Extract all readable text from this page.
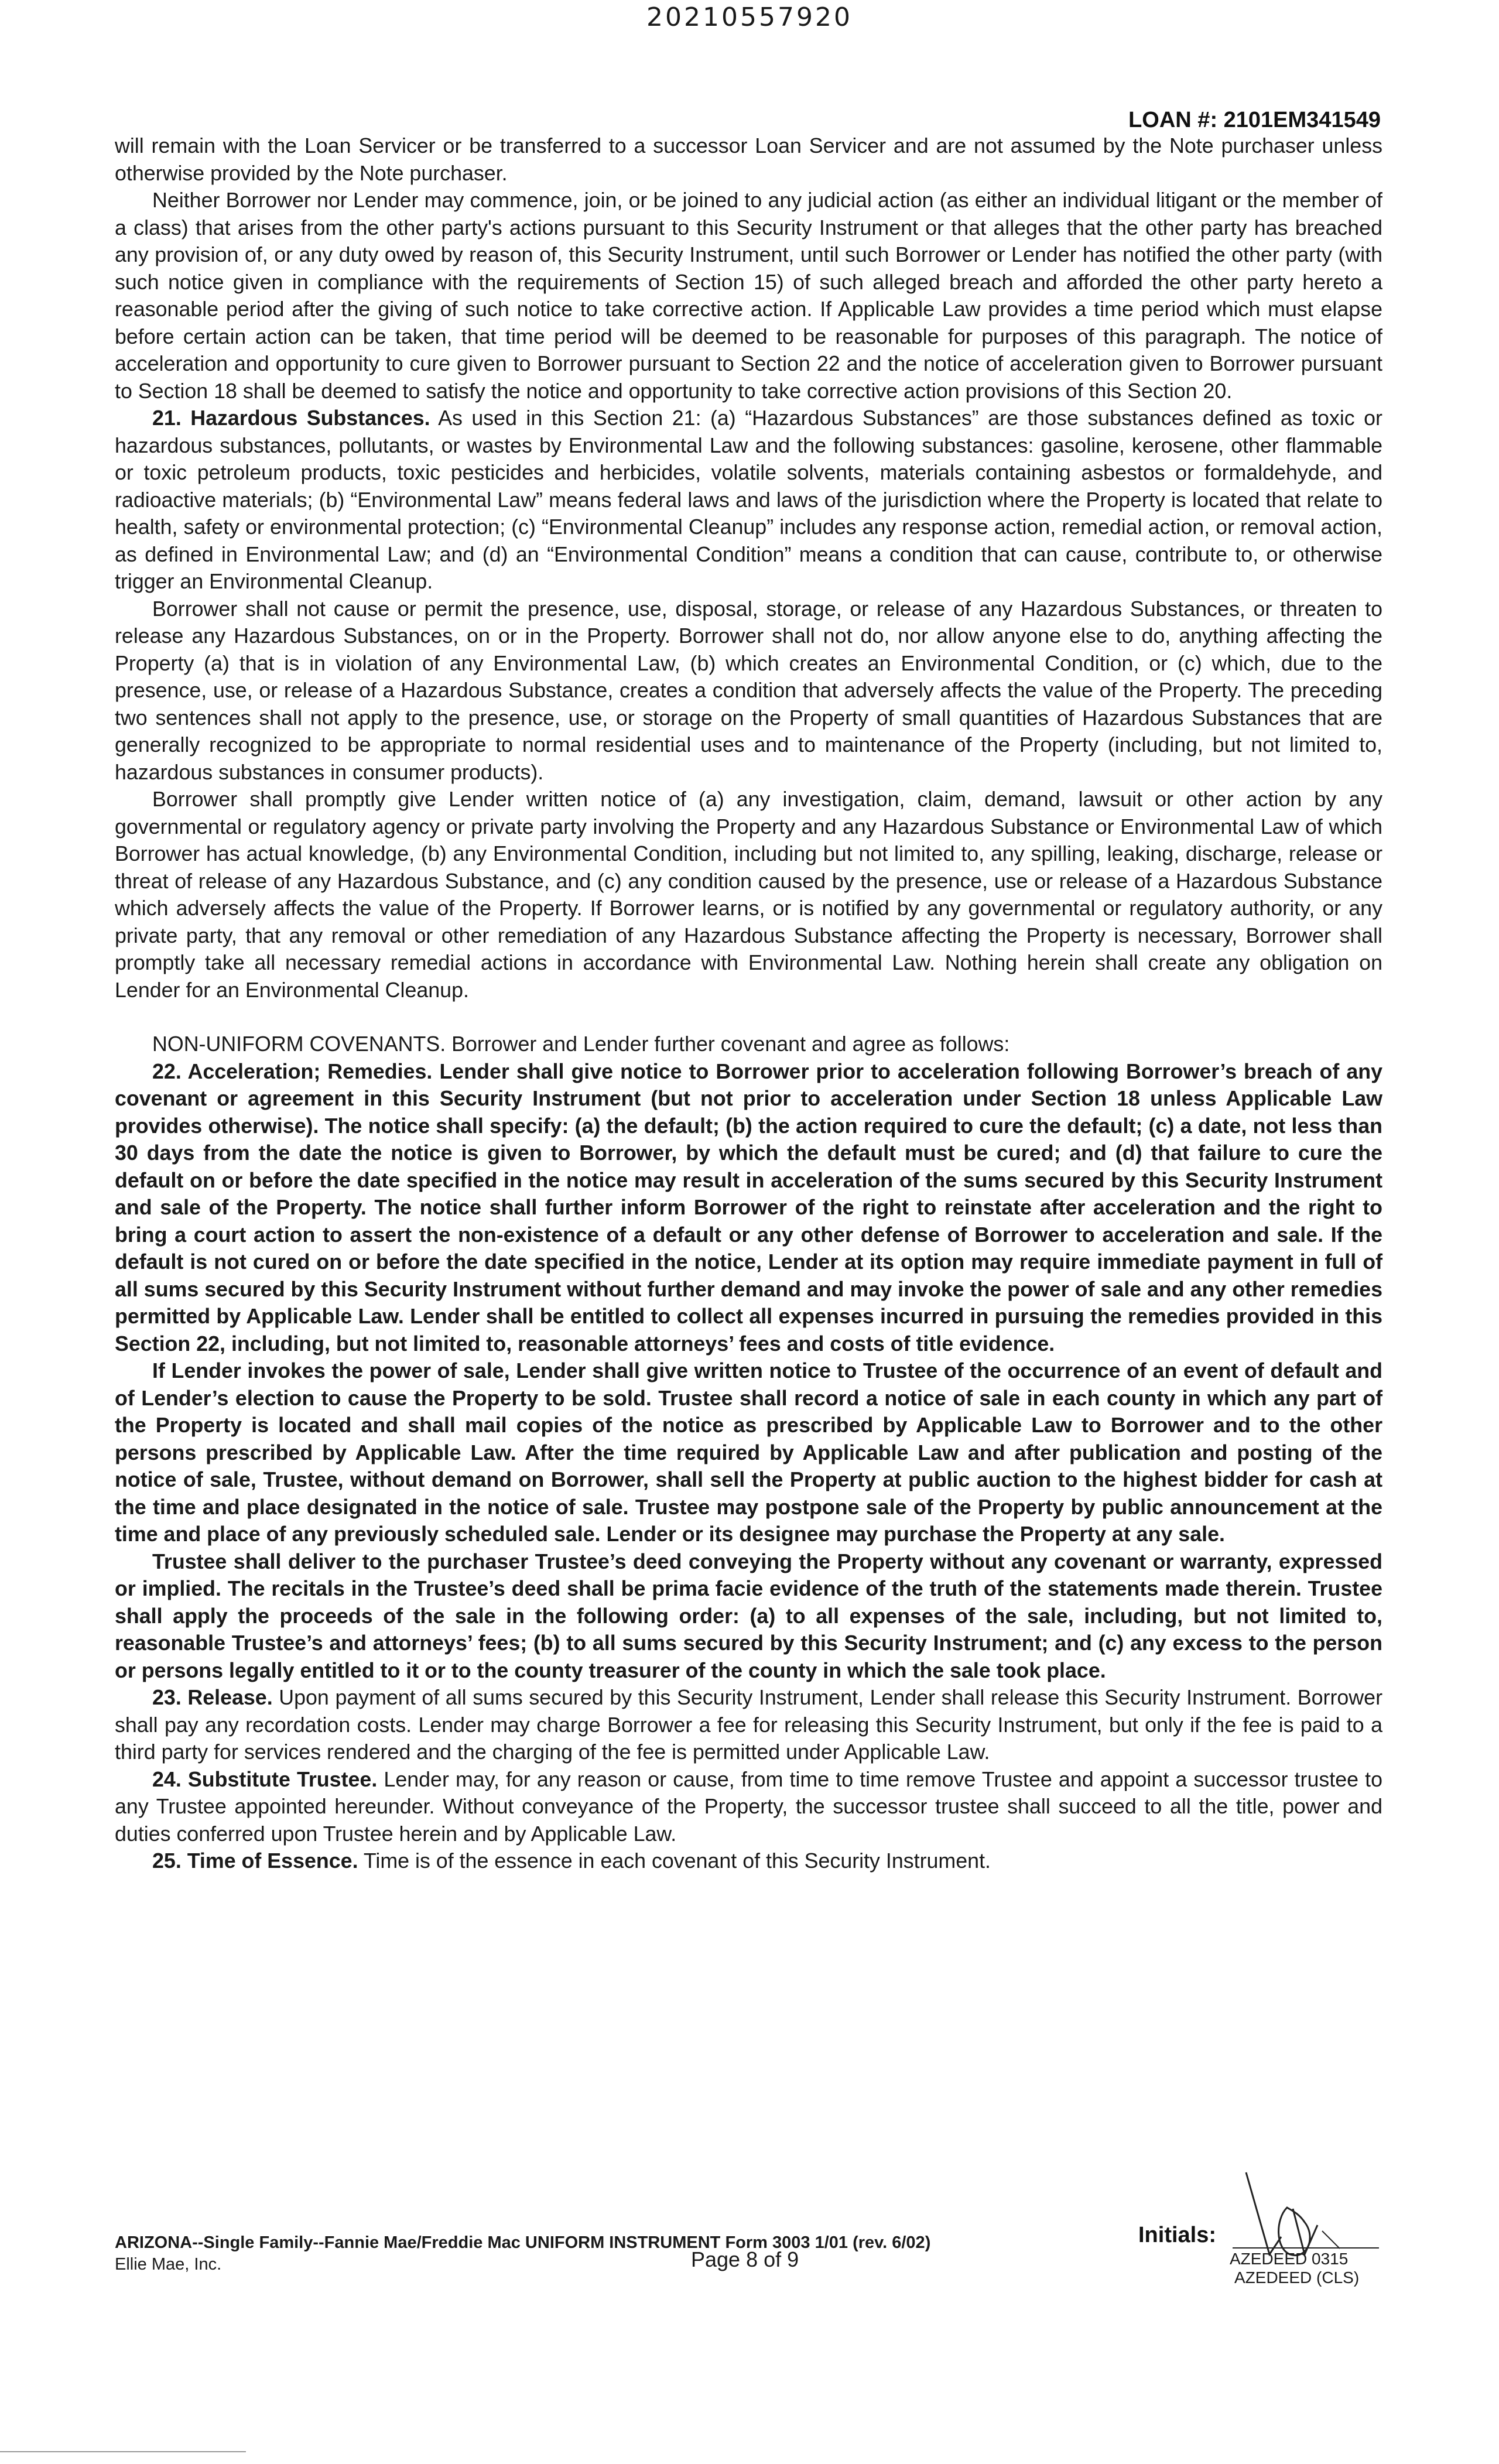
20210557920
LOAN #: 2101EM341549

will remain with the Loan Servicer or be transferred to a successor Loan Servicer and are not assumed by the Note purchaser unless otherwise provided by the Note purchaser.

Neither Borrower nor Lender may commence, join, or be joined to any judicial action (as either an individual litigant or the member of a class) that arises from the other party's actions pursuant to this Security Instrument or that alleges that the other party has breached any provision of, or any duty owed by reason of, this Security Instrument, until such Borrower or Lender has notified the other party (with such notice given in compliance with the requirements of Section 15) of such alleged breach and afforded the other party hereto a reasonable period after the giving of such notice to take corrective action. If Applicable Law provides a time period which must elapse before certain action can be taken, that time period will be deemed to be reasonable for purposes of this paragraph. The notice of acceleration and opportunity to cure given to Borrower pursuant to Section 22 and the notice of acceleration given to Borrower pursuant to Section 18 shall be deemed to satisfy the notice and opportunity to take corrective action provisions of this Section 20.

21. Hazardous Substances. As used in this Section 21: (a) “Hazardous Substances” are those substances defined as toxic or hazardous substances, pollutants, or wastes by Environmental Law and the following substances: gasoline, kerosene, other flammable or toxic petroleum products, toxic pesticides and herbicides, volatile solvents, materials containing asbestos or formaldehyde, and radioactive materials; (b) “Environmental Law” means federal laws and laws of the jurisdiction where the Property is located that relate to health, safety or environmental protection; (c) “Environmental Cleanup” includes any response action, remedial action, or removal action, as defined in Environmental Law; and (d) an “Environmental Condition” means a condition that can cause, contribute to, or otherwise trigger an Environmental Cleanup.

Borrower shall not cause or permit the presence, use, disposal, storage, or release of any Hazardous Substances, or threaten to release any Hazardous Substances, on or in the Property. Borrower shall not do, nor allow anyone else to do, anything affecting the Property (a) that is in violation of any Environmental Law, (b) which creates an Environmental Condition, or (c) which, due to the presence, use, or release of a Hazardous Substance, creates a condition that adversely affects the value of the Property. The preceding two sentences shall not apply to the presence, use, or storage on the Property of small quantities of Hazardous Substances that are generally recognized to be appropriate to normal residential uses and to maintenance of the Property (including, but not limited to, hazardous substances in consumer products).

Borrower shall promptly give Lender written notice of (a) any investigation, claim, demand, lawsuit or other action by any governmental or regulatory agency or private party involving the Property and any Hazardous Substance or Environmental Law of which Borrower has actual knowledge, (b) any Environmental Condition, including but not limited to, any spilling, leaking, discharge, release or threat of release of any Hazardous Substance, and (c) any condition caused by the presence, use or release of a Hazardous Substance which adversely affects the value of the Property. If Borrower learns, or is notified by any governmental or regulatory authority, or any private party, that any removal or other remediation of any Hazardous Substance affecting the Property is necessary, Borrower shall promptly take all necessary remedial actions in accordance with Environmental Law. Nothing herein shall create any obligation on Lender for an Environmental Cleanup.

NON-UNIFORM COVENANTS. Borrower and Lender further covenant and agree as follows:

22. Acceleration; Remedies. Lender shall give notice to Borrower prior to acceleration following Borrower’s breach of any covenant or agreement in this Security Instrument (but not prior to acceleration under Section 18 unless Applicable Law provides otherwise). The notice shall specify: (a) the default; (b) the action required to cure the default; (c) a date, not less than 30 days from the date the notice is given to Borrower, by which the default must be cured; and (d) that failure to cure the default on or before the date specified in the notice may result in acceleration of the sums secured by this Security Instrument and sale of the Property. The notice shall further inform Borrower of the right to reinstate after acceleration and the right to bring a court action to assert the non-existence of a default or any other defense of Borrower to acceleration and sale. If the default is not cured on or before the date specified in the notice, Lender at its option may require immediate payment in full of all sums secured by this Security Instrument without further demand and may invoke the power of sale and any other remedies permitted by Applicable Law. Lender shall be entitled to collect all expenses incurred in pursuing the remedies provided in this Section 22, including, but not limited to, reasonable attorneys’ fees and costs of title evidence.

If Lender invokes the power of sale, Lender shall give written notice to Trustee of the occurrence of an event of default and of Lender’s election to cause the Property to be sold. Trustee shall record a notice of sale in each county in which any part of the Property is located and shall mail copies of the notice as prescribed by Applicable Law to Borrower and to the other persons prescribed by Applicable Law. After the time required by Applicable Law and after publication and posting of the notice of sale, Trustee, without demand on Borrower, shall sell the Property at public auction to the highest bidder for cash at the time and place designated in the notice of sale. Trustee may postpone sale of the Property by public announcement at the time and place of any previously scheduled sale. Lender or its designee may purchase the Property at any sale.

Trustee shall deliver to the purchaser Trustee’s deed conveying the Property without any covenant or warranty, expressed or implied. The recitals in the Trustee’s deed shall be prima facie evidence of the truth of the statements made therein. Trustee shall apply the proceeds of the sale in the following order: (a) to all expenses of the sale, including, but not limited to, reasonable Trustee’s and attorneys’ fees; (b) to all sums secured by this Security Instrument; and (c) any excess to the person or persons legally entitled to it or to the county treasurer of the county in which the sale took place.

23. Release. Upon payment of all sums secured by this Security Instrument, Lender shall release this Security Instrument. Borrower shall pay any recordation costs. Lender may charge Borrower a fee for releasing this Security Instrument, but only if the fee is paid to a third party for services rendered and the charging of the fee is permitted under Applicable Law.

24. Substitute Trustee. Lender may, for any reason or cause, from time to time remove Trustee and appoint a successor trustee to any Trustee appointed hereunder. Without conveyance of the Property, the successor trustee shall succeed to all the title, power and duties conferred upon Trustee herein and by Applicable Law.

25. Time of Essence. Time is of the essence in each covenant of this Security Instrument.

ARIZONA--Single Family--Fannie Mae/Freddie Mac UNIFORM INSTRUMENT Form 3003 1/01 (rev. 6/02)
Ellie Mae, Inc.	Page 8 of 9
Initials:
AZEDEED 0315
AZEDEED (CLS)
